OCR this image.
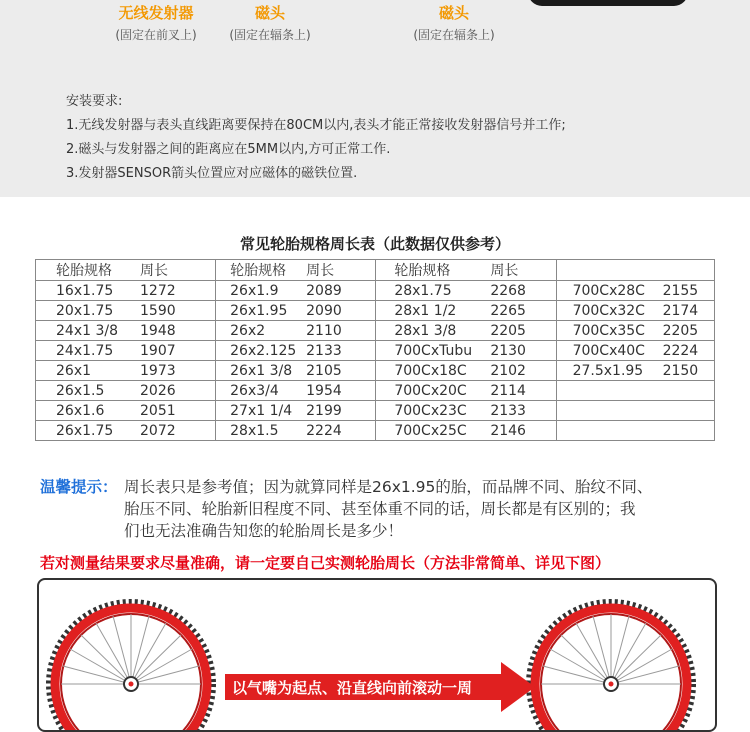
无线发射器
(固定在前叉上)
磁头
(固定在辐条上)
磁头
(固定在辐条上)
安装要求:
1.无线发射器与表头直线距离要保持在80CM以内,表头才能正常接收发射器信号并工作;
2.磁头与发射器之间的距离应在5MM以内,方可正常工作.
3.发射器SENSOR箭头位置应对应磁体的磁铁位置.
常见轮胎规格周长表（此数据仅供参考）
轮胎规格 周长	轮胎规格 周长	轮胎规格 周长	
16x1.75 1272	26x1.9 2089	28x1.75 2268	700Cx28C 2155
20x1.75 1590	26x1.95 2090	28x1 1/2 2265	700Cx32C 2174
24x1 3/8 1948	26x2 2110	28x1 3/8 2205	700Cx35C 2205
24x1.75 1907	26x2.125 2133	700CxTubu 2130	700Cx40C 2224
26x1 1973	26x1 3/8 2105	700Cx18C 2102	27.5x1.95 2150
26x1.5 2026	26x3/4 1954	700Cx20C 2114	
26x1.6 2051	27x1 1/4 2199	700Cx23C 2133	
26x1.75 2072	28x1.5 2224	700Cx25C 2146	
温馨提示： 周长表只是参考值；因为就算同样是26x1.95的胎，而品牌不同、胎纹不同、
胎压不同、轮胎新旧程度不同、甚至体重不同的话，周长都是有区别的；我
们也无法准确告知您的轮胎周长是多少！
若对测量结果要求尽量准确，请一定要自己实测轮胎周长（方法非常简单、详见下图）
以气嘴为起点、沿直线向前滚动一周
